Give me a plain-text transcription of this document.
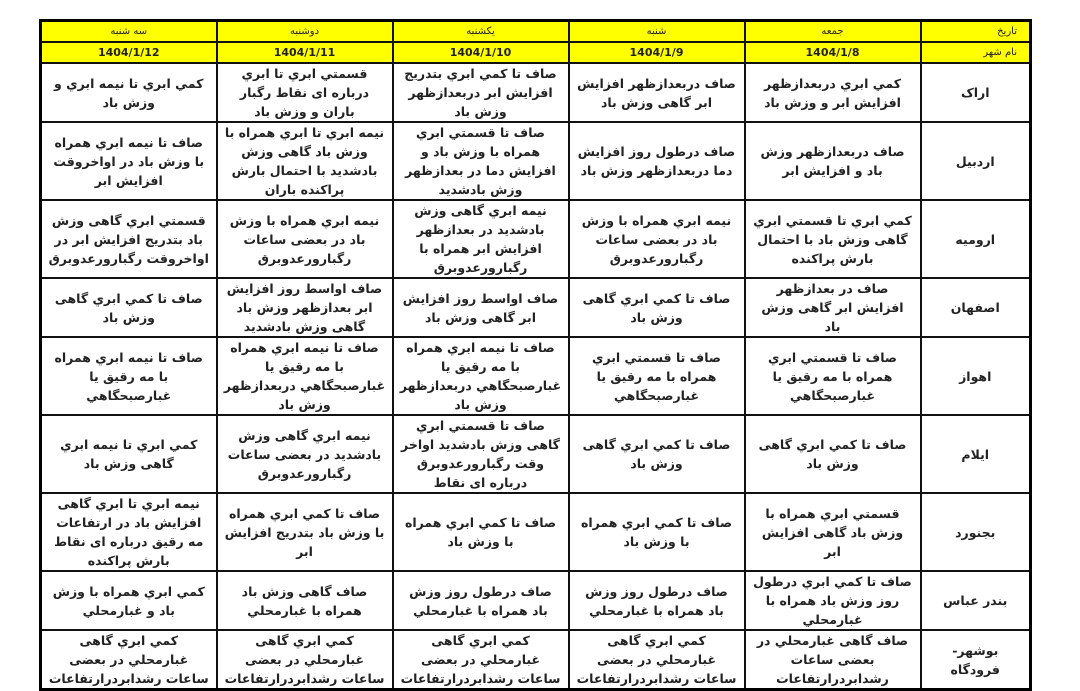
تاریخ	جمعه	شنبه	یکشنبه	دوشنبه	سه شنبه
نام شهر	1404/1/8	1404/1/9	1404/1/10	1404/1/11	1404/1/12
اراک	كمي ابري دربعدازظهر افزايش ابر و وزش باد	صاف دربعدازظهر افزايش ابر گاهی وزش باد	صاف تا كمي ابري بتدريج افزايش ابر دربعدازظهر وزش باد	قسمتي ابري تا ابري درباره ای نقاط رگبار باران و وزش باد	كمي ابري تا نيمه ابري و وزش باد
اردبیل	صاف دربعدازظهر وزش باد و افزایش ابر	صاف درطول روز افزايش دما دربعدازظهر وزش باد	صاف تا قسمتي ابري همراه با وزش باد و افزايش دما در بعدازظهر وزش بادشديد	نيمه ابري تا ابري همراه با وزش باد گاهی وزش بادشديد با احتمال بارش پراكنده باران	صاف تا نيمه ابري همراه با وزش باد در اواخروقت افزایش ابر
ارومیه	كمي ابري تا قسمتي ابري گاهی وزش باد با احتمال بارش پراكنده	نيمه ابري همراه با وزش باد در بعضی ساعات رگبارورعدوبرق	نيمه ابري گاهی وزش بادشديد در بعدازظهر افزايش ابر همراه با رگبارورعدوبرق	نيمه ابري همراه با وزش باد در بعضی ساعات رگبارورعدوبرق	قسمتي ابري گاهی وزش باد بتدريج افزايش ابر در اواخروقت رگبارورعدوبرق
اصفهان	صاف در بعدازظهر افزايش ابر گاهی وزش باد	صاف تا كمي ابري گاهی وزش باد	صاف اواسط روز افزايش ابر گاهی وزش باد	صاف اواسط روز افزايش ابر بعدازظهر وزش باد گاهی وزش بادشديد	صاف تا كمي ابري گاهی وزش باد
اهواز	صاف تا قسمتي ابري همراه با مه رقيق يا غبارصبحگاهي	صاف تا قسمتي ابري همراه با مه رقيق يا غبارصبحگاهي	صاف تا نيمه ابري همراه با مه رقيق يا غبارصبحگاهي دربعدازظهر وزش باد	صاف تا نيمه ابري همراه با مه رقيق يا غبارصبحگاهي دربعدازظهر وزش باد	صاف تا نيمه ابري همراه با مه رقيق يا غبارصبحگاهي
ایلام	صاف تا كمي ابري گاهی وزش باد	صاف تا كمي ابري گاهی وزش باد	صاف تا قسمتي ابري گاهی وزش بادشديد اواخر وقت رگبارورعدوبرق درباره ای نقاط	نيمه ابري گاهی وزش بادشديد در بعضی ساعات رگبارورعدوبرق	كمي ابري تا نيمه ابري گاهی وزش باد
بجنورد	قسمتي ابري همراه با وزش باد گاهی افزايش ابر	صاف تا كمي ابري همراه با وزش باد	صاف تا كمي ابري همراه با وزش باد	صاف تا كمي ابري همراه با وزش باد بتدريج افزايش ابر	نيمه ابري تا ابري گاهی افزايش باد در ارتفاعات مه رقيق درباره ای نقاط بارش پراكنده
بندر عباس	صاف تا كمي ابري درطول روز وزش باد همراه با غبارمحلي	صاف درطول روز وزش باد همراه با غبارمحلي	صاف درطول روز وزش باد همراه با غبارمحلي	صاف گاهی وزش باد همراه با غبارمحلي	كمي ابري همراه با وزش باد و غبارمحلي
بوشهر- فرودگاه	صاف گاهی غبارمحلي در بعضی ساعات رشدابردرارتفاعات	كمي ابري گاهی غبارمحلي در بعضی ساعات رشدابردرارتفاعات	كمي ابري گاهی غبارمحلي در بعضی ساعات رشدابردرارتفاعات	كمي ابري گاهی غبارمحلي در بعضی ساعات رشدابردرارتفاعات	كمي ابري گاهی غبارمحلي در بعضی ساعات رشدابردرارتفاعات
